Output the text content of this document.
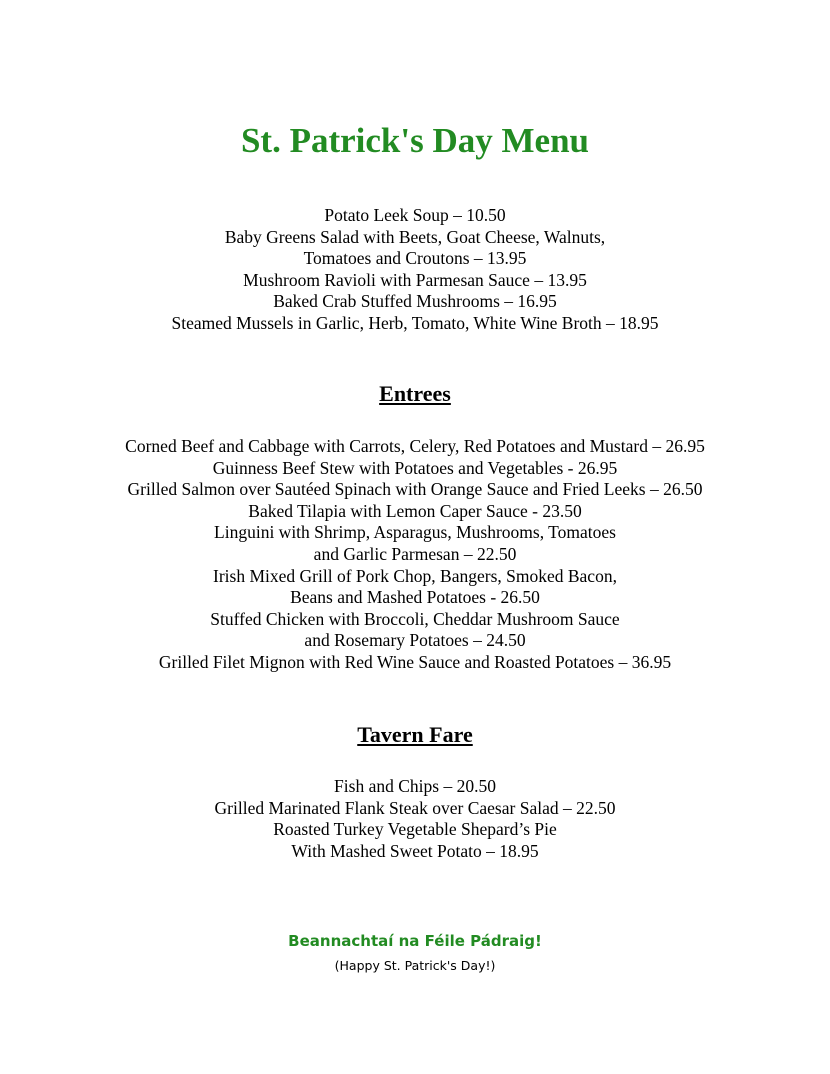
St. Patrick's Day Menu
Potato Leek Soup – 10.50
Baby Greens Salad with Beets, Goat Cheese, Walnuts,
Tomatoes and Croutons – 13.95
Mushroom Ravioli with Parmesan Sauce – 13.95
Baked Crab Stuffed Mushrooms – 16.95
Steamed Mussels in Garlic, Herb, Tomato, White Wine Broth – 18.95
Entrees
Corned Beef and Cabbage with Carrots, Celery, Red Potatoes and Mustard – 26.95
Guinness Beef Stew with Potatoes and Vegetables - 26.95
Grilled Salmon over Sautéed Spinach with Orange Sauce and Fried Leeks – 26.50
Baked Tilapia with Lemon Caper Sauce - 23.50
Linguini with Shrimp, Asparagus, Mushrooms, Tomatoes
and Garlic Parmesan – 22.50
Irish Mixed Grill of Pork Chop, Bangers, Smoked Bacon,
Beans and Mashed Potatoes - 26.50
Stuffed Chicken with Broccoli, Cheddar Mushroom Sauce
and Rosemary Potatoes – 24.50
Grilled Filet Mignon with Red Wine Sauce and Roasted Potatoes – 36.95
Tavern Fare
Fish and Chips – 20.50
Grilled Marinated Flank Steak over Caesar Salad – 22.50
Roasted Turkey Vegetable Shepard’s Pie
With Mashed Sweet Potato – 18.95
Beannachtaí na Féile Pádraig!
(Happy St. Patrick's Day!)
